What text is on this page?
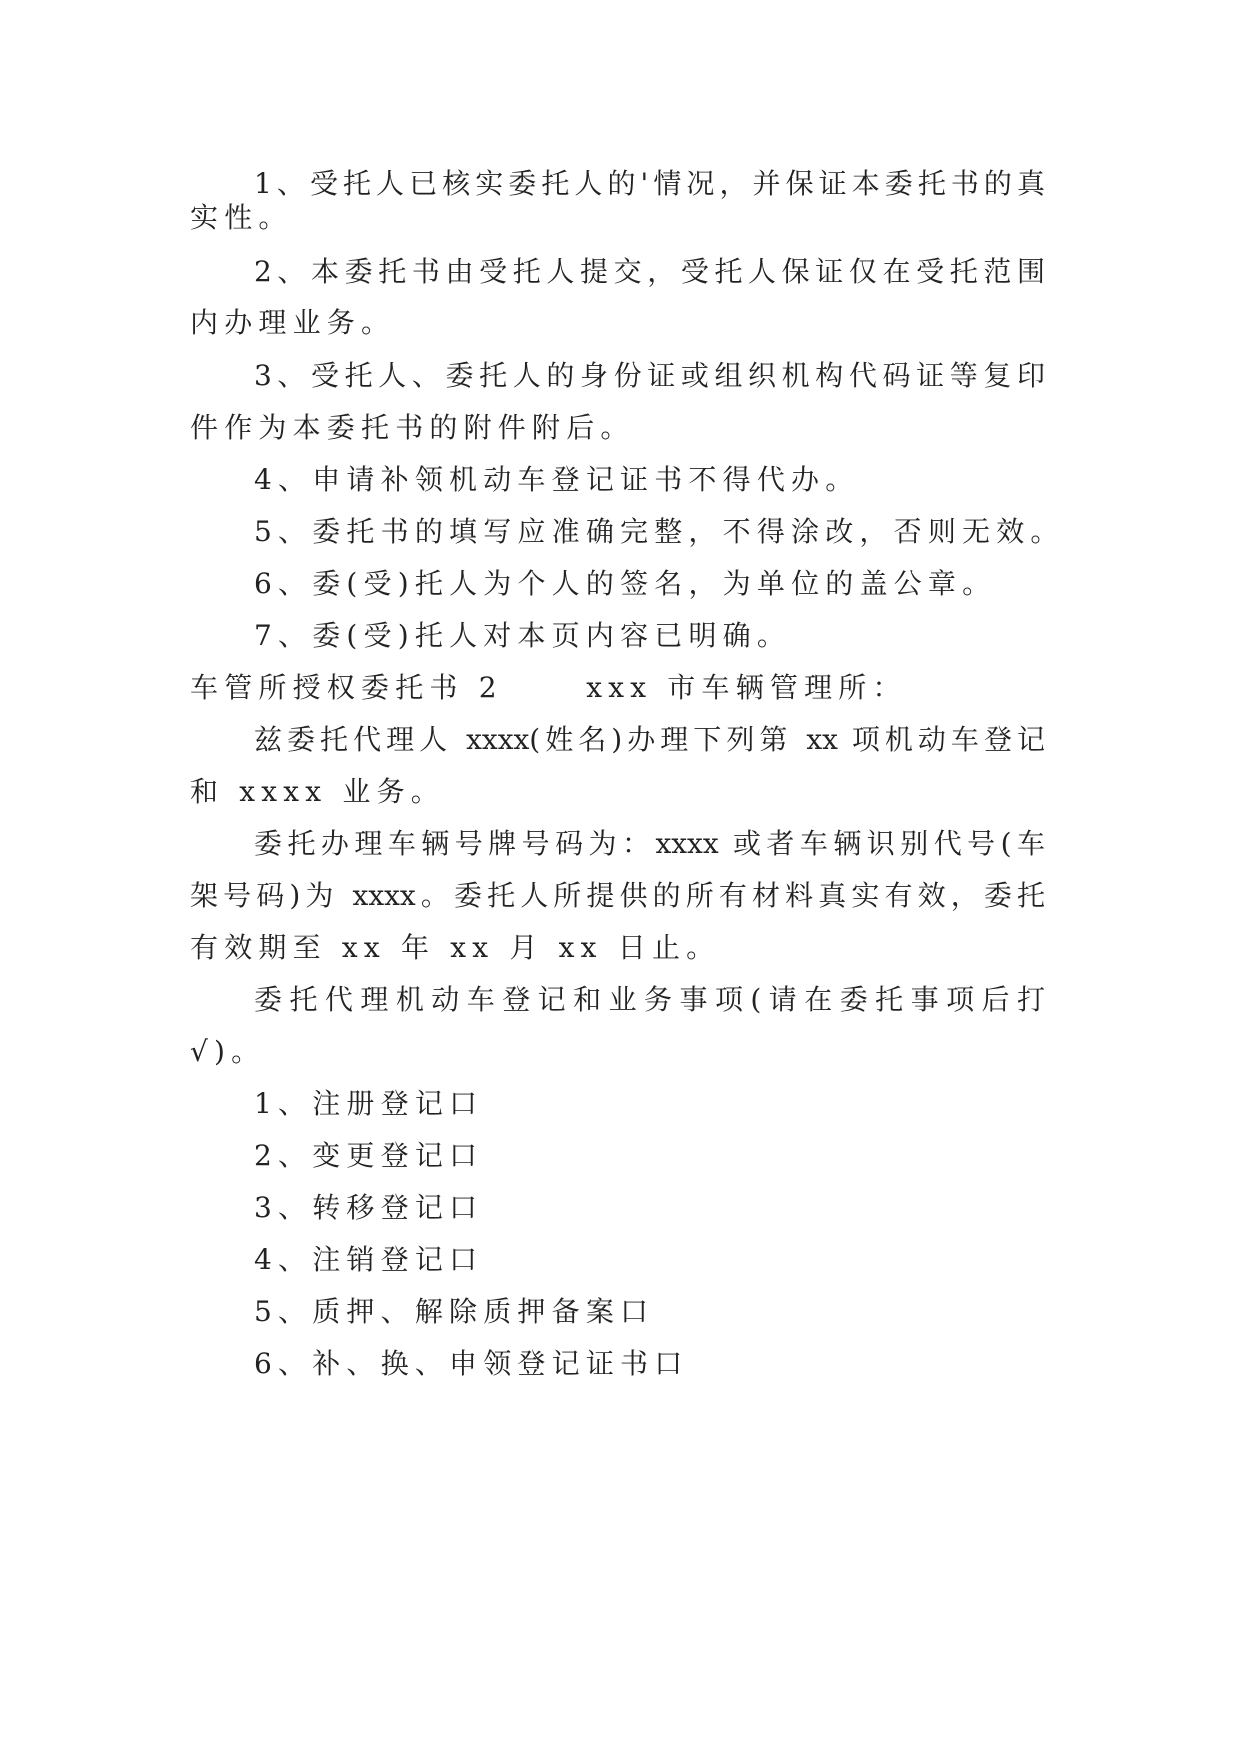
1、受托人已核实委托人的'情况，并保证本委托书的真
实性。
2、本委托书由受托人提交，受托人保证仅在受托范围
内办理业务。
3、受托人、委托人的身份证或组织机构代码证等复印
件作为本委托书的附件附后。
4、申请补领机动车登记证书不得代办。
5、委托书的填写应准确完整，不得涂改，否则无效。
6、委(受)托人为个人的签名，为单位的盖公章。
7、委(受)托人对本页内容已明确。
车管所授权委托书 2　　 xxx 市车辆管理所：
兹委托代理人 xxxx(姓名)办理下列第 xx 项机动车登记
和 xxxx 业务。
委托办理车辆号牌号码为：xxxx 或者车辆识别代号(车
架号码)为 xxxx。委托人所提供的所有材料真实有效，委托
有效期至 xx 年 xx 月 xx 日止。
委托代理机动车登记和业务事项(请在委托事项后打
√)。
1、注册登记口
2、变更登记口
3、转移登记口
4、注销登记口
5、质押、解除质押备案口
6、补、换、申领登记证书口
